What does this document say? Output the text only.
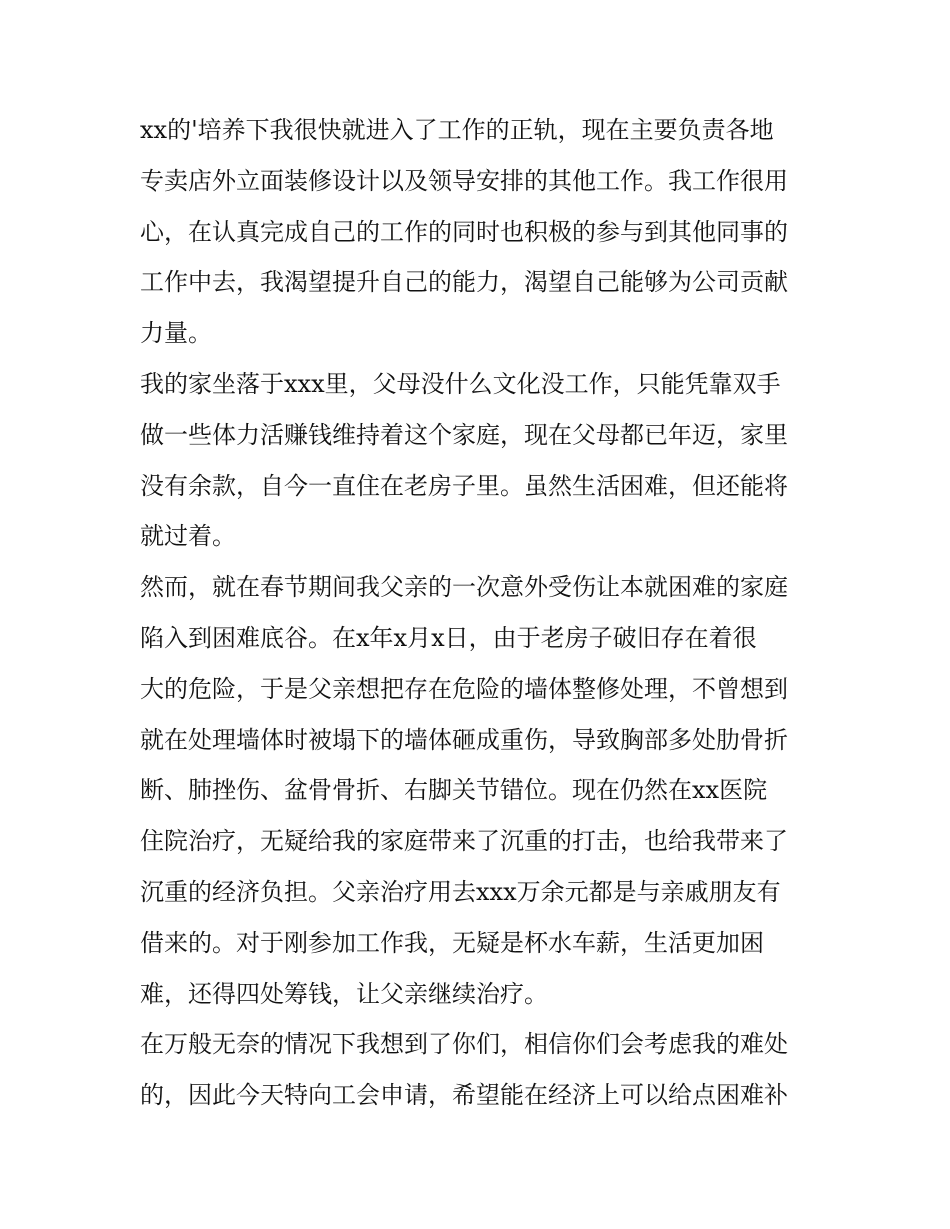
xx的'培养下我很快就进入了工作的正轨，现在主要负责各地
专卖店外立面装修设计以及领导安排的其他工作。我工作很用
心，在认真完成自己的工作的同时也积极的参与到其他同事的
工作中去，我渴望提升自己的能力，渴望自己能够为公司贡献
力量。
我的家坐落于xxx里，父母没什么文化没工作，只能凭靠双手
做一些体力活赚钱维持着这个家庭，现在父母都已年迈，家里
没有余款，自今一直住在老房子里。虽然生活困难，但还能将
就过着。
然而，就在春节期间我父亲的一次意外受伤让本就困难的家庭
陷入到困难底谷。在x年x月x日，由于老房子破旧存在着很
大的危险，于是父亲想把存在危险的墙体整修处理，不曾想到
就在处理墙体时被塌下的墙体砸成重伤，导致胸部多处肋骨折
断、肺挫伤、盆骨骨折、右脚关节错位。现在仍然在xx医院
住院治疗，无疑给我的家庭带来了沉重的打击，也给我带来了
沉重的经济负担。父亲治疗用去xxx万余元都是与亲戚朋友有
借来的。对于刚参加工作我，无疑是杯水车薪，生活更加困
难，还得四处筹钱，让父亲继续治疗。
在万般无奈的情况下我想到了你们，相信你们会考虑我的难处
的，因此今天特向工会申请，希望能在经济上可以给点困难补
